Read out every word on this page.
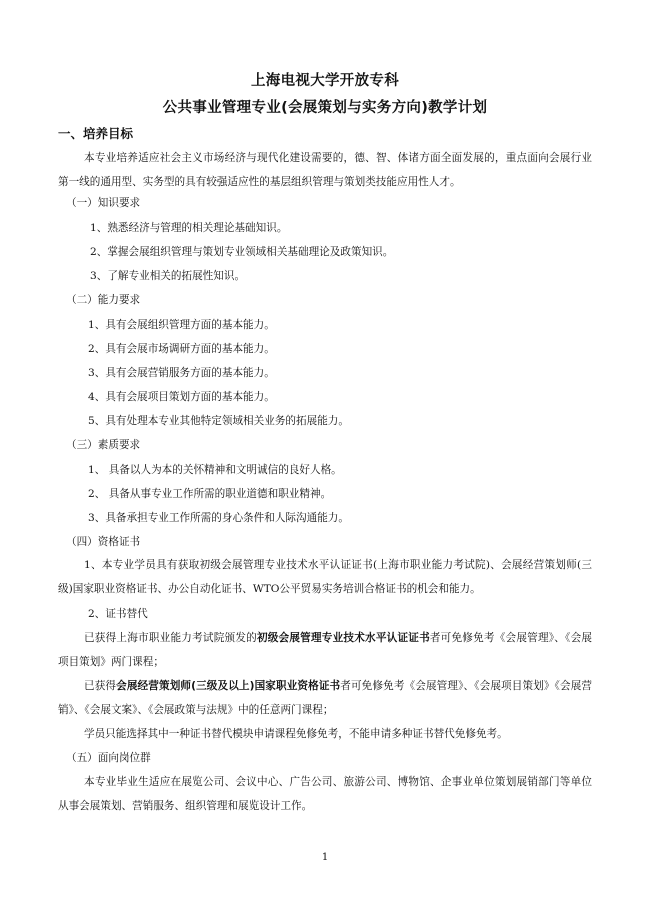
上海电视大学开放专科
公共事业管理专业(会展策划与实务方向)教学计划
一、培养目标

本专业培养适应社会主义市场经济与现代化建设需要的，德、智、体诸方面全面发展的，重点面向会展行业第一线的通用型、实务型的具有较强适应性的基层组织管理与策划类技能应用性人才。

（一）知识要求
1、熟悉经济与管理的相关理论基础知识。
2、掌握会展组织管理与策划专业领域相关基础理论及政策知识。
3、了解专业相关的拓展性知识。
（二）能力要求
1、具有会展组织管理方面的基本能力。
2、具有会展市场调研方面的基本能力。
3、具有会展营销服务方面的基本能力。
4、具有会展项目策划方面的基本能力。
5、具有处理本专业其他特定领域相关业务的拓展能力。
（三）素质要求
1、 具备以人为本的关怀精神和文明诚信的良好人格。
2、 具备从事专业工作所需的职业道德和职业精神。
3、具备承担专业工作所需的身心条件和人际沟通能力。
（四）资格证书

1、本专业学员具有获取初级会展管理专业技术水平认证证书(上海市职业能力考试院)、会展经营策划师(三级)国家职业资格证书、办公自动化证书、WTO公平贸易实务培训合格证书的机会和能力。

2、证书替代

已获得上海市职业能力考试院颁发的初级会展管理专业技术水平认证证书者可免修免考《会展管理》、《会展项目策划》两门课程；

已获得会展经营策划师(三级及以上)国家职业资格证书者可免修免考《会展管理》、《会展项目策划》《会展营销》、《会展文案》、《会展政策与法规》中的任意两门课程；

学员只能选择其中一种证书替代模块申请课程免修免考，不能申请多种证书替代免修免考。

（五）面向岗位群

本专业毕业生适应在展览公司、会议中心、广告公司、旅游公司、博物馆、企事业单位策划展销部门等单位从事会展策划、营销服务、组织管理和展览设计工作。

1
